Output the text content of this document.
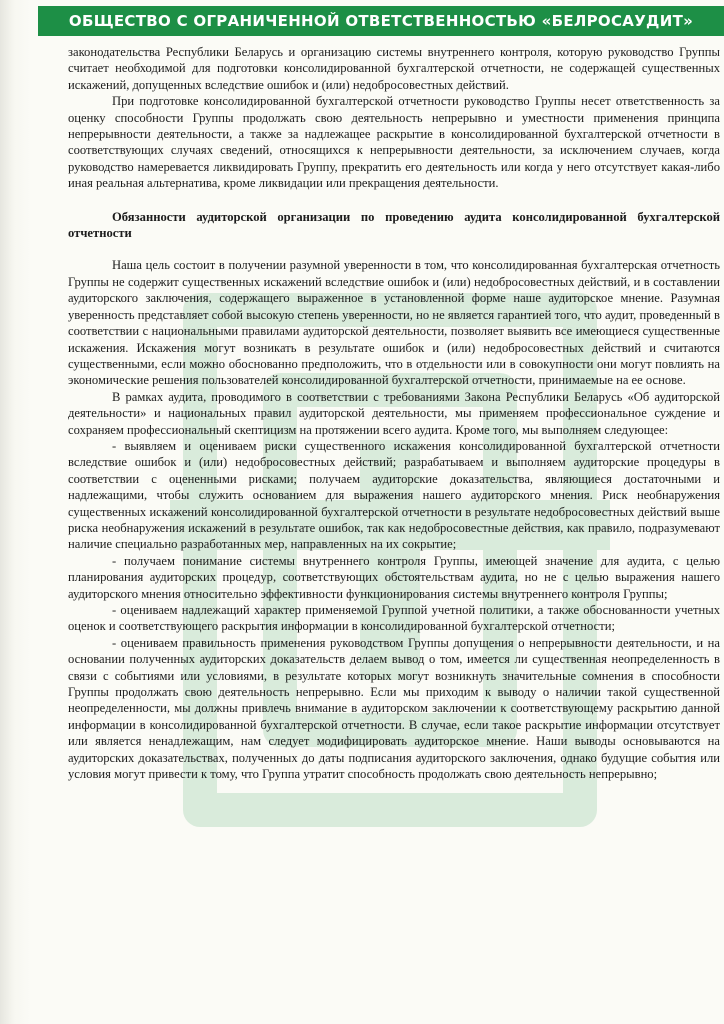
ОБЩЕСТВО С ОГРАНИЧЕННОЙ ОТВЕТСТВЕННОСТЬЮ «БЕЛРОСАУДИТ»

законодательства Республики Беларусь и организацию системы внутреннего контроля, которую руководство Группы считает необходимой для подготовки консолидированной бухгалтерской отчетности, не содержащей существенных искажений, допущенных вследствие ошибок и (или) недобросовестных действий.

При подготовке консолидированной бухгалтерской отчетности руководство Группы несет ответственность за оценку способности Группы продолжать свою деятельность непрерывно и уместности применения принципа непрерывности деятельности, а также за надлежащее раскрытие в консолидированной бухгалтерской отчетности в соответствующих случаях сведений, относящихся к непрерывности деятельности, за исключением случаев, когда руководство намеревается ликвидировать Группу, прекратить его деятельность или когда у него отсутствует какая-либо иная реальная альтернатива, кроме ликвидации или прекращения деятельности.

Обязанности аудиторской организации по проведению аудита консолидированной бухгалтерской отчетности

Наша цель состоит в получении разумной уверенности в том, что консолидированная бухгалтерская отчетность Группы не содержит существенных искажений вследствие ошибок и (или) недобросовестных действий, и в составлении аудиторского заключения, содержащего выраженное в установленной форме наше аудиторское мнение. Разумная уверенность представляет собой высокую степень уверенности, но не является гарантией того, что аудит, проведенный в соответствии с национальными правилами аудиторской деятельности, позволяет выявить все имеющиеся существенные искажения. Искажения могут возникать в результате ошибок и (или) недобросовестных действий и считаются существенными, если можно обоснованно предположить, что в отдельности или в совокупности они могут повлиять на экономические решения пользователей консолидированной бухгалтерской отчетности, принимаемые на ее основе.

В рамках аудита, проводимого в соответствии с требованиями Закона Республики Беларусь «Об аудиторской деятельности» и национальных правил аудиторской деятельности, мы применяем профессиональное суждение и сохраняем профессиональный скептицизм на протяжении всего аудита. Кроме того, мы выполняем следующее:

- выявляем и оцениваем риски существенного искажения консолидированной бухгалтерской отчетности вследствие ошибок и (или) недобросовестных действий; разрабатываем и выполняем аудиторские процедуры в соответствии с оцененными рисками; получаем аудиторские доказательства, являющиеся достаточными и надлежащими, чтобы служить основанием для выражения нашего аудиторского мнения. Риск необнаружения существенных искажений консолидированной бухгалтерской отчетности в результате недобросовестных действий выше риска необнаружения искажений в результате ошибок, так как недобросовестные действия, как правило, подразумевают наличие специально разработанных мер, направленных на их сокрытие;

- получаем понимание системы внутреннего контроля Группы, имеющей значение для аудита, с целью планирования аудиторских процедур, соответствующих обстоятельствам аудита, но не с целью выражения нашего аудиторского мнения относительно эффективности функционирования системы внутреннего контроля Группы;

- оцениваем надлежащий характер применяемой Группой учетной политики, а также обоснованности учетных оценок и соответствующего раскрытия информации в консолидированной бухгалтерской отчетности;

- оцениваем правильность применения руководством Группы допущения о непрерывности деятельности, и на основании полученных аудиторских доказательств делаем вывод о том, имеется ли существенная неопределенность в связи с событиями или условиями, в результате которых могут возникнуть значительные сомнения в способности Группы продолжать свою деятельность непрерывно. Если мы приходим к выводу о наличии такой существенной неопределенности, мы должны привлечь внимание в аудиторском заключении к соответствующему раскрытию данной информации в консолидированной бухгалтерской отчетности. В случае, если такое раскрытие информации отсутствует или является ненадлежащим, нам следует модифицировать аудиторское мнение. Наши выводы основываются на аудиторских доказательствах, полученных до даты подписания аудиторского заключения, однако будущие события или условия могут привести к тому, что Группа утратит способность продолжать свою деятельность непрерывно;
